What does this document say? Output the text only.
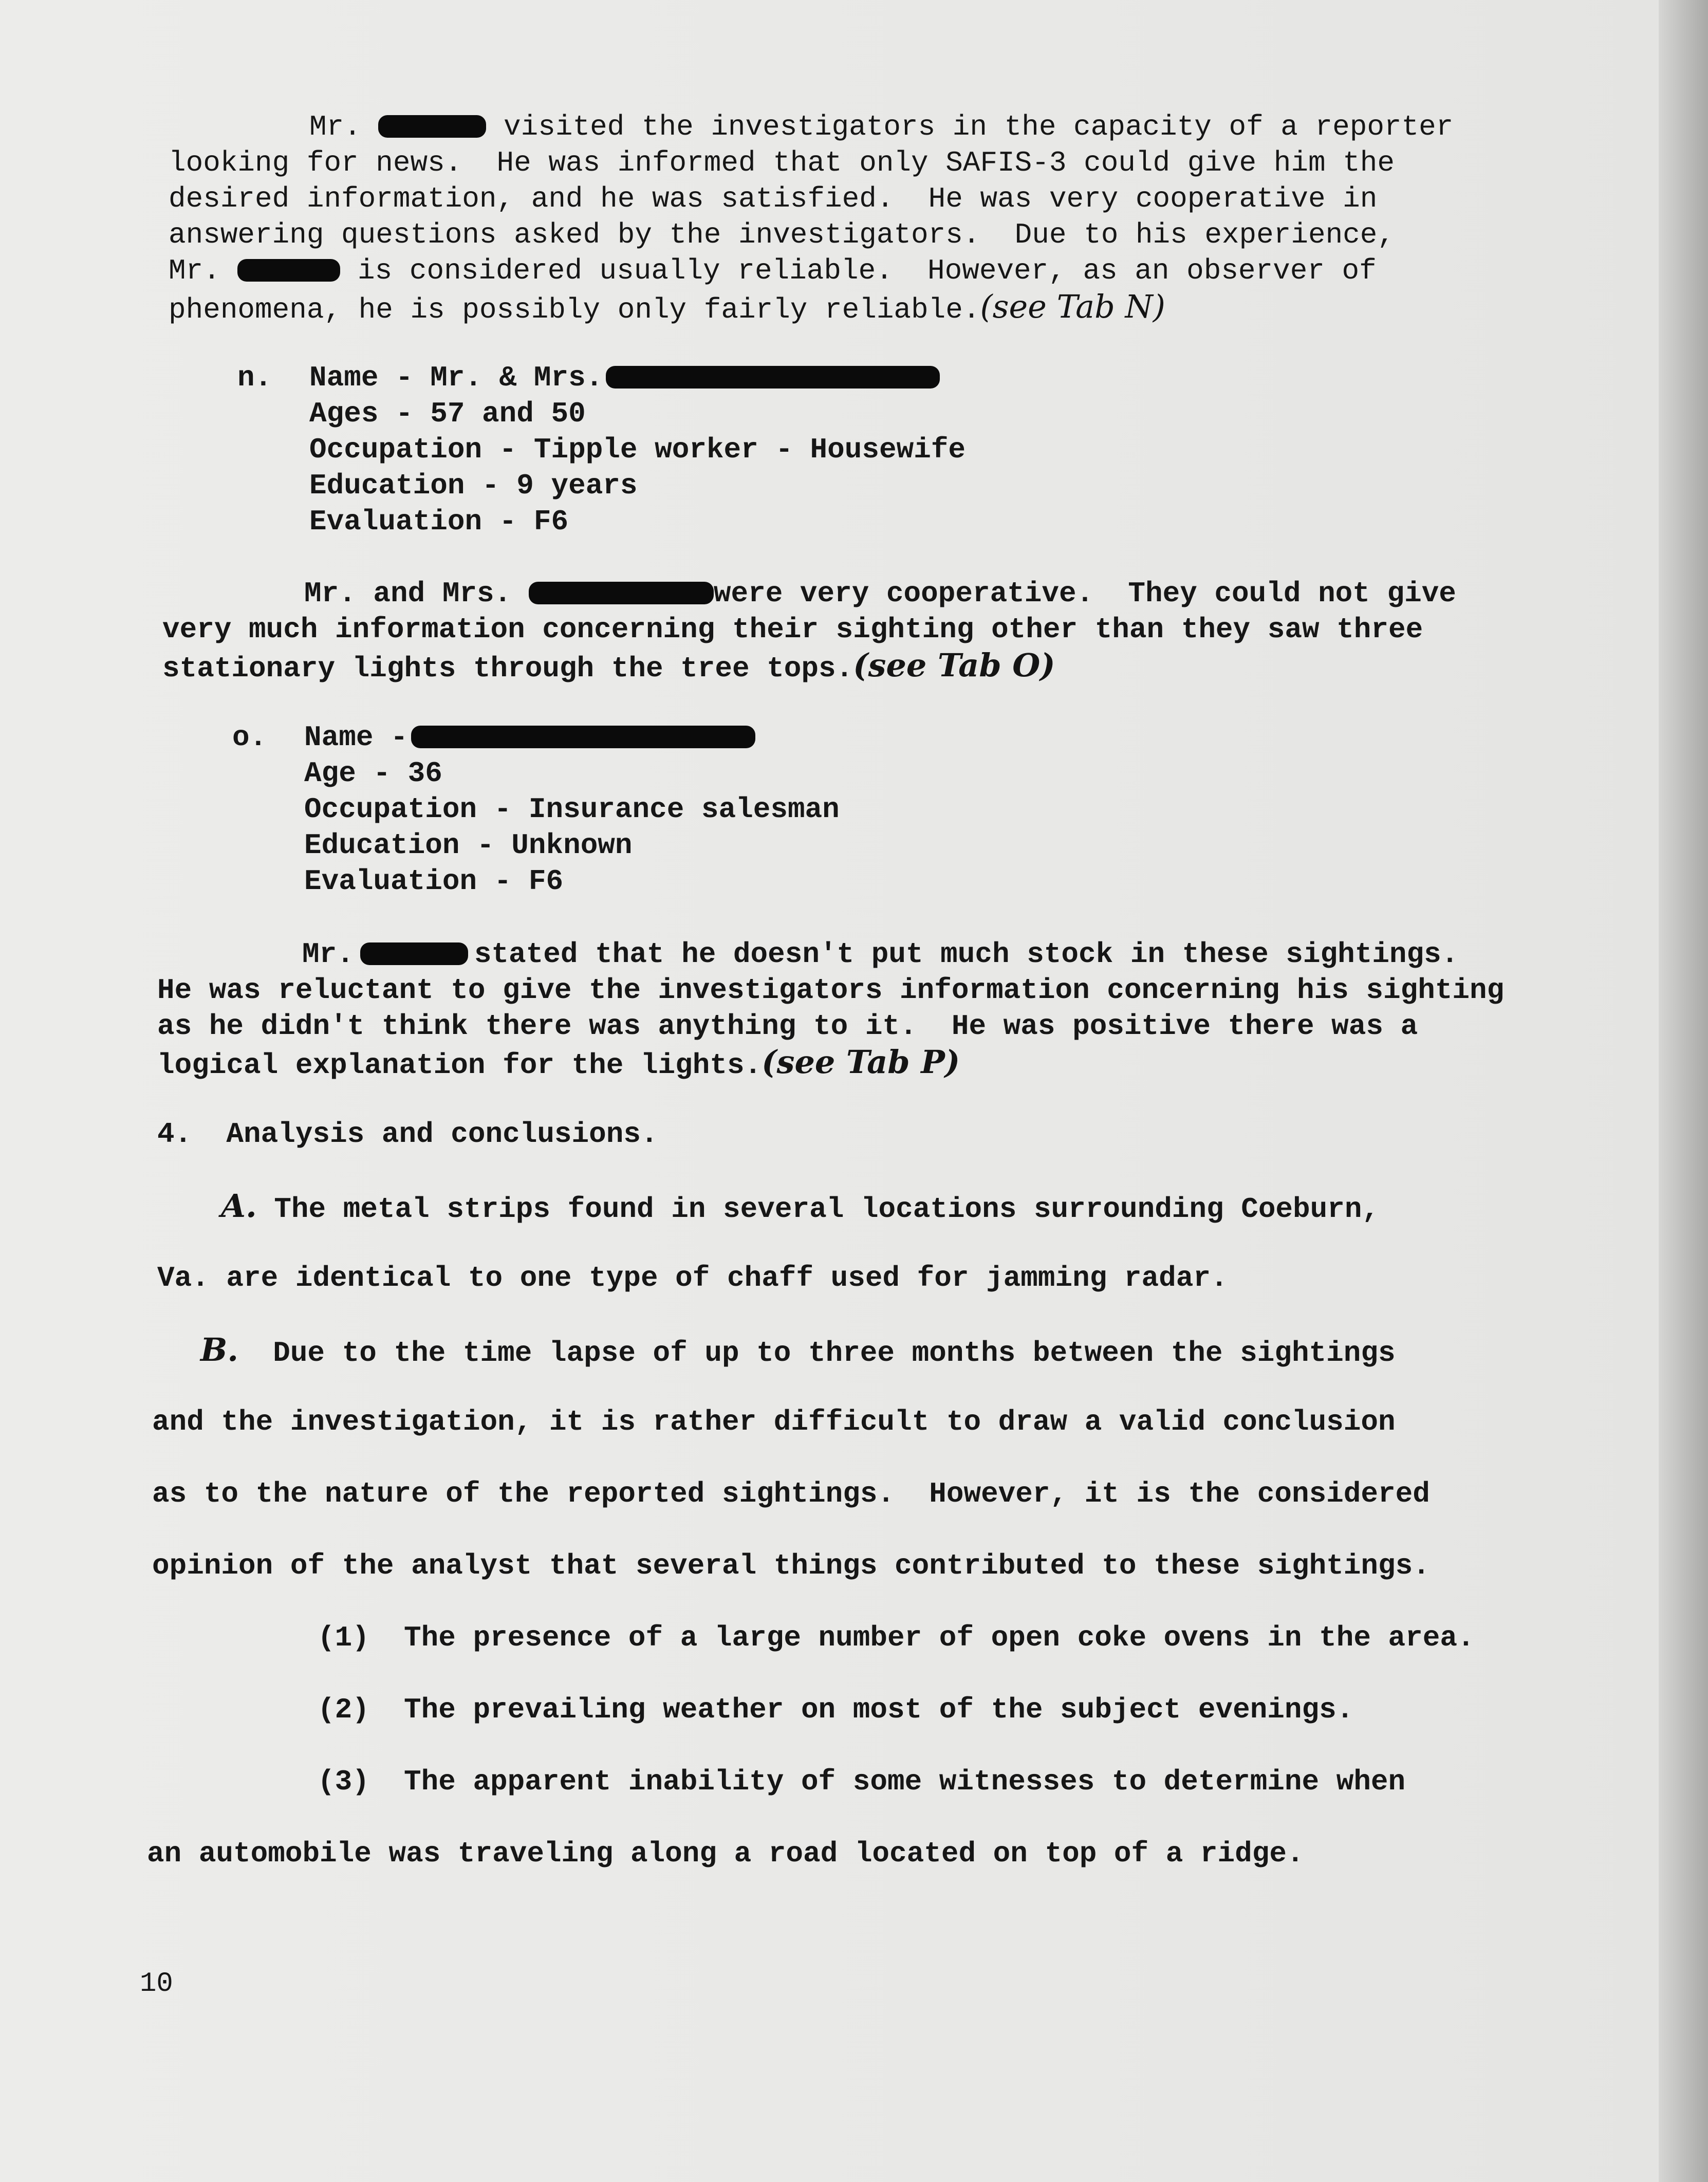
Mr.	visited the investigators in the capacity of a reporter
looking for news.  He was informed that only SAFIS-3 could give him the
desired information, and he was satisfied.  He was very cooperative in
answering questions asked by the investigators.  Due to his experience,
Mr.	is considered usually reliable.  However, as an observer of
phenomena, he is possibly only fairly reliable.(see Tab N)
n. Name - Mr. & Mrs.
Ages - 57 and 50
Occupation - Tipple worker - Housewife
Education - 9 years
Evaluation - F6
Mr. and Mrs.	were very cooperative.  They could not give
very much information concerning their sighting other than they saw three
stationary lights through the tree tops.(see Tab O)
o. Name -
Age - 36
Occupation - Insurance salesman
Education - Unknown
Evaluation - F6
Mr.	stated that he doesn't put much stock in these sightings.
He was reluctant to give the investigators information concerning his sighting
as he didn't think there was anything to it.  He was positive there was a
logical explanation for the lights.(see Tab P)
4.  Analysis and conclusions.
A. The metal strips found in several locations surrounding Coeburn,
Va. are identical to one type of chaff used for jamming radar.
B. Due to the time lapse of up to three months between the sightings
and the investigation, it is rather difficult to draw a valid conclusion
as to the nature of the reported sightings.  However, it is the considered
opinion of the analyst that several things contributed to these sightings.
(1)  The presence of a large number of open coke ovens in the area.
(2)  The prevailing weather on most of the subject evenings.
(3)  The apparent inability of some witnesses to determine when
an automobile was traveling along a road located on top of a ridge.
10
